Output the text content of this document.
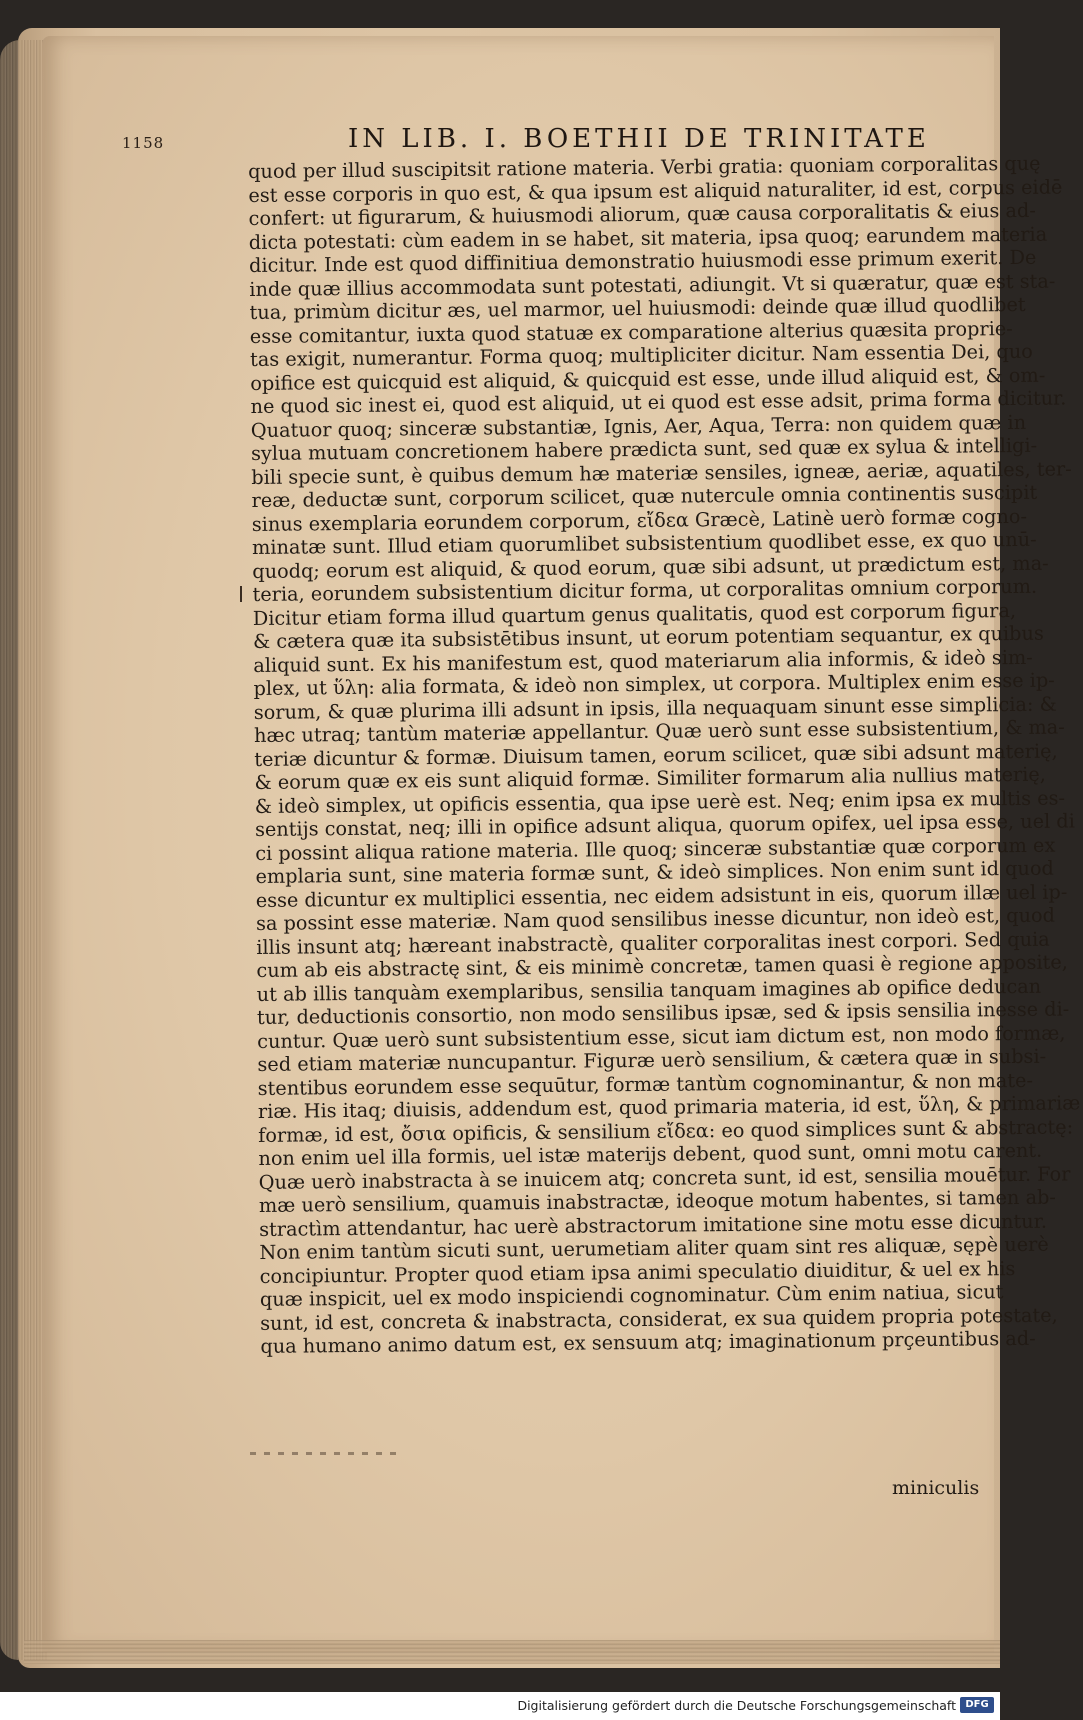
1158	IN LIB. I. BOETHII DE TRINITATE
quod per illud suscipitsit ratione materia. Verbi gratia: quoniam corporalitas quę
est esse corporis in quo est, & qua ipsum est aliquid naturaliter, id est, corpus eidē
confert: ut figurarum, & huiusmodi aliorum, quæ causa corporalitatis & eius ad-
dicta potestati: cùm eadem in se habet, sit materia, ipsa quoq; earundem materia
dicitur. Inde est quod diffinitiua demonstratio huiusmodi esse primum exerit. De
inde quæ illius accommodata sunt potestati, adiungit. Vt si quæratur, quæ est sta-
tua, primùm dicitur æs, uel marmor, uel huiusmodi: deinde quæ illud quodlibet
esse comitantur, iuxta quod statuæ ex comparatione alterius quæsita proprie-
tas exigit, numerantur. Forma quoq; multipliciter dicitur. Nam essentia Dei, quo
opifice est quicquid est aliquid, & quicquid est esse, unde illud aliquid est, & om-
ne quod sic inest ei, quod est aliquid, ut ei quod est esse adsit, prima forma dicitur.
Quatuor quoq; sinceræ substantiæ, Ignis, Aer, Aqua, Terra: non quidem quæ in
sylua mutuam concretionem habere prædicta sunt, sed quæ ex sylua & intelligi-
bili specie sunt, è quibus demum hæ materiæ sensiles, igneæ, aeriæ, aquatiles, ter-
reæ, deductæ sunt, corporum scilicet, quæ nutercule omnia continentis suscipit
sinus exemplaria eorundem corporum, εἴδεα Græcè, Latinè uerò formæ cogno-
minatæ sunt. Illud etiam quorumlibet subsistentium quodlibet esse, ex quo unū-
quodq; eorum est aliquid, & quod eorum, quæ sibi adsunt, ut prædictum est, ma-
teria, eorundem subsistentium dicitur forma, ut corporalitas omnium corporum.
Dicitur etiam forma illud quartum genus qualitatis, quod est corporum figura,
& cætera quæ ita subsistētibus insunt, ut eorum potentiam sequantur, ex quibus
aliquid sunt. Ex his manifestum est, quod materiarum alia informis, & ideò sim-
plex, ut ὕλη: alia formata, & ideò non simplex, ut corpora. Multiplex enim esse ip-
sorum, & quæ plurima illi adsunt in ipsis, illa nequaquam sinunt esse simplicia: &
hæc utraq; tantùm materiæ appellantur. Quæ uerò sunt esse subsistentium, & ma-
teriæ dicuntur & formæ. Diuisum tamen, eorum scilicet, quæ sibi adsunt materię,
& eorum quæ ex eis sunt aliquid formæ. Similiter formarum alia nullius materię,
& ideò simplex, ut opificis essentia, qua ipse uerè est. Neq; enim ipsa ex multis es-
sentijs constat, neq; illi in opifice adsunt aliqua, quorum opifex, uel ipsa esse, uel di
ci possint aliqua ratione materia. Ille quoq; sinceræ substantiæ quæ corporum ex
emplaria sunt, sine materia formæ sunt, & ideò simplices. Non enim sunt id quod
esse dicuntur ex multiplici essentia, nec eidem adsistunt in eis, quorum illæ uel ip-
sa possint esse materiæ. Nam quod sensilibus inesse dicuntur, non ideò est, quod
illis insunt atq; hæreant inabstractè, qualiter corporalitas inest corpori. Sed quia
cum ab eis abstractę sint, & eis minimè concretæ, tamen quasi è regione apposite,
ut ab illis tanquàm exemplaribus, sensilia tanquam imagines ab opifice deducan
tur, deductionis consortio, non modo sensilibus ipsæ, sed & ipsis sensilia inesse di-
cuntur. Quæ uerò sunt subsistentium esse, sicut iam dictum est, non modo formæ,
sed etiam materiæ nuncupantur. Figuræ uerò sensilium, & cætera quæ in subsi-
stentibus eorundem esse sequūtur, formæ tantùm cognominantur, & non mate-
riæ. His itaq; diuisis, addendum est, quod primaria materia, id est, ὕλη, & primariæ
formæ, id est, ὄσια opificis, & sensilium εἴδεα: eo quod simplices sunt & abstractę:
non enim uel illa formis, uel istæ materijs debent, quod sunt, omni motu carent.
Quæ uerò inabstracta à se inuicem atq; concreta sunt, id est, sensilia mouētur. For
mæ uerò sensilium, quamuis inabstractæ, ideoque motum habentes, si tamen ab-
stractìm attendantur, hac uerè abstractorum imitatione sine motu esse dicuntur.
Non enim tantùm sicuti sunt, uerumetiam aliter quam sint res aliquæ, sępè uerè
concipiuntur. Propter quod etiam ipsa animi speculatio diuiditur, & uel ex his
quæ inspicit, uel ex modo inspiciendi cognominatur. Cùm enim natiua, sicut
sunt, id est, concreta & inabstracta, considerat, ex sua quidem propria potestate,
qua humano animo datum est, ex sensuum atq; imaginationum prçeuntibus ad-
miniculis
Digitalisierung gefördert durch die Deutsche Forschungsgemeinschaft DFG
